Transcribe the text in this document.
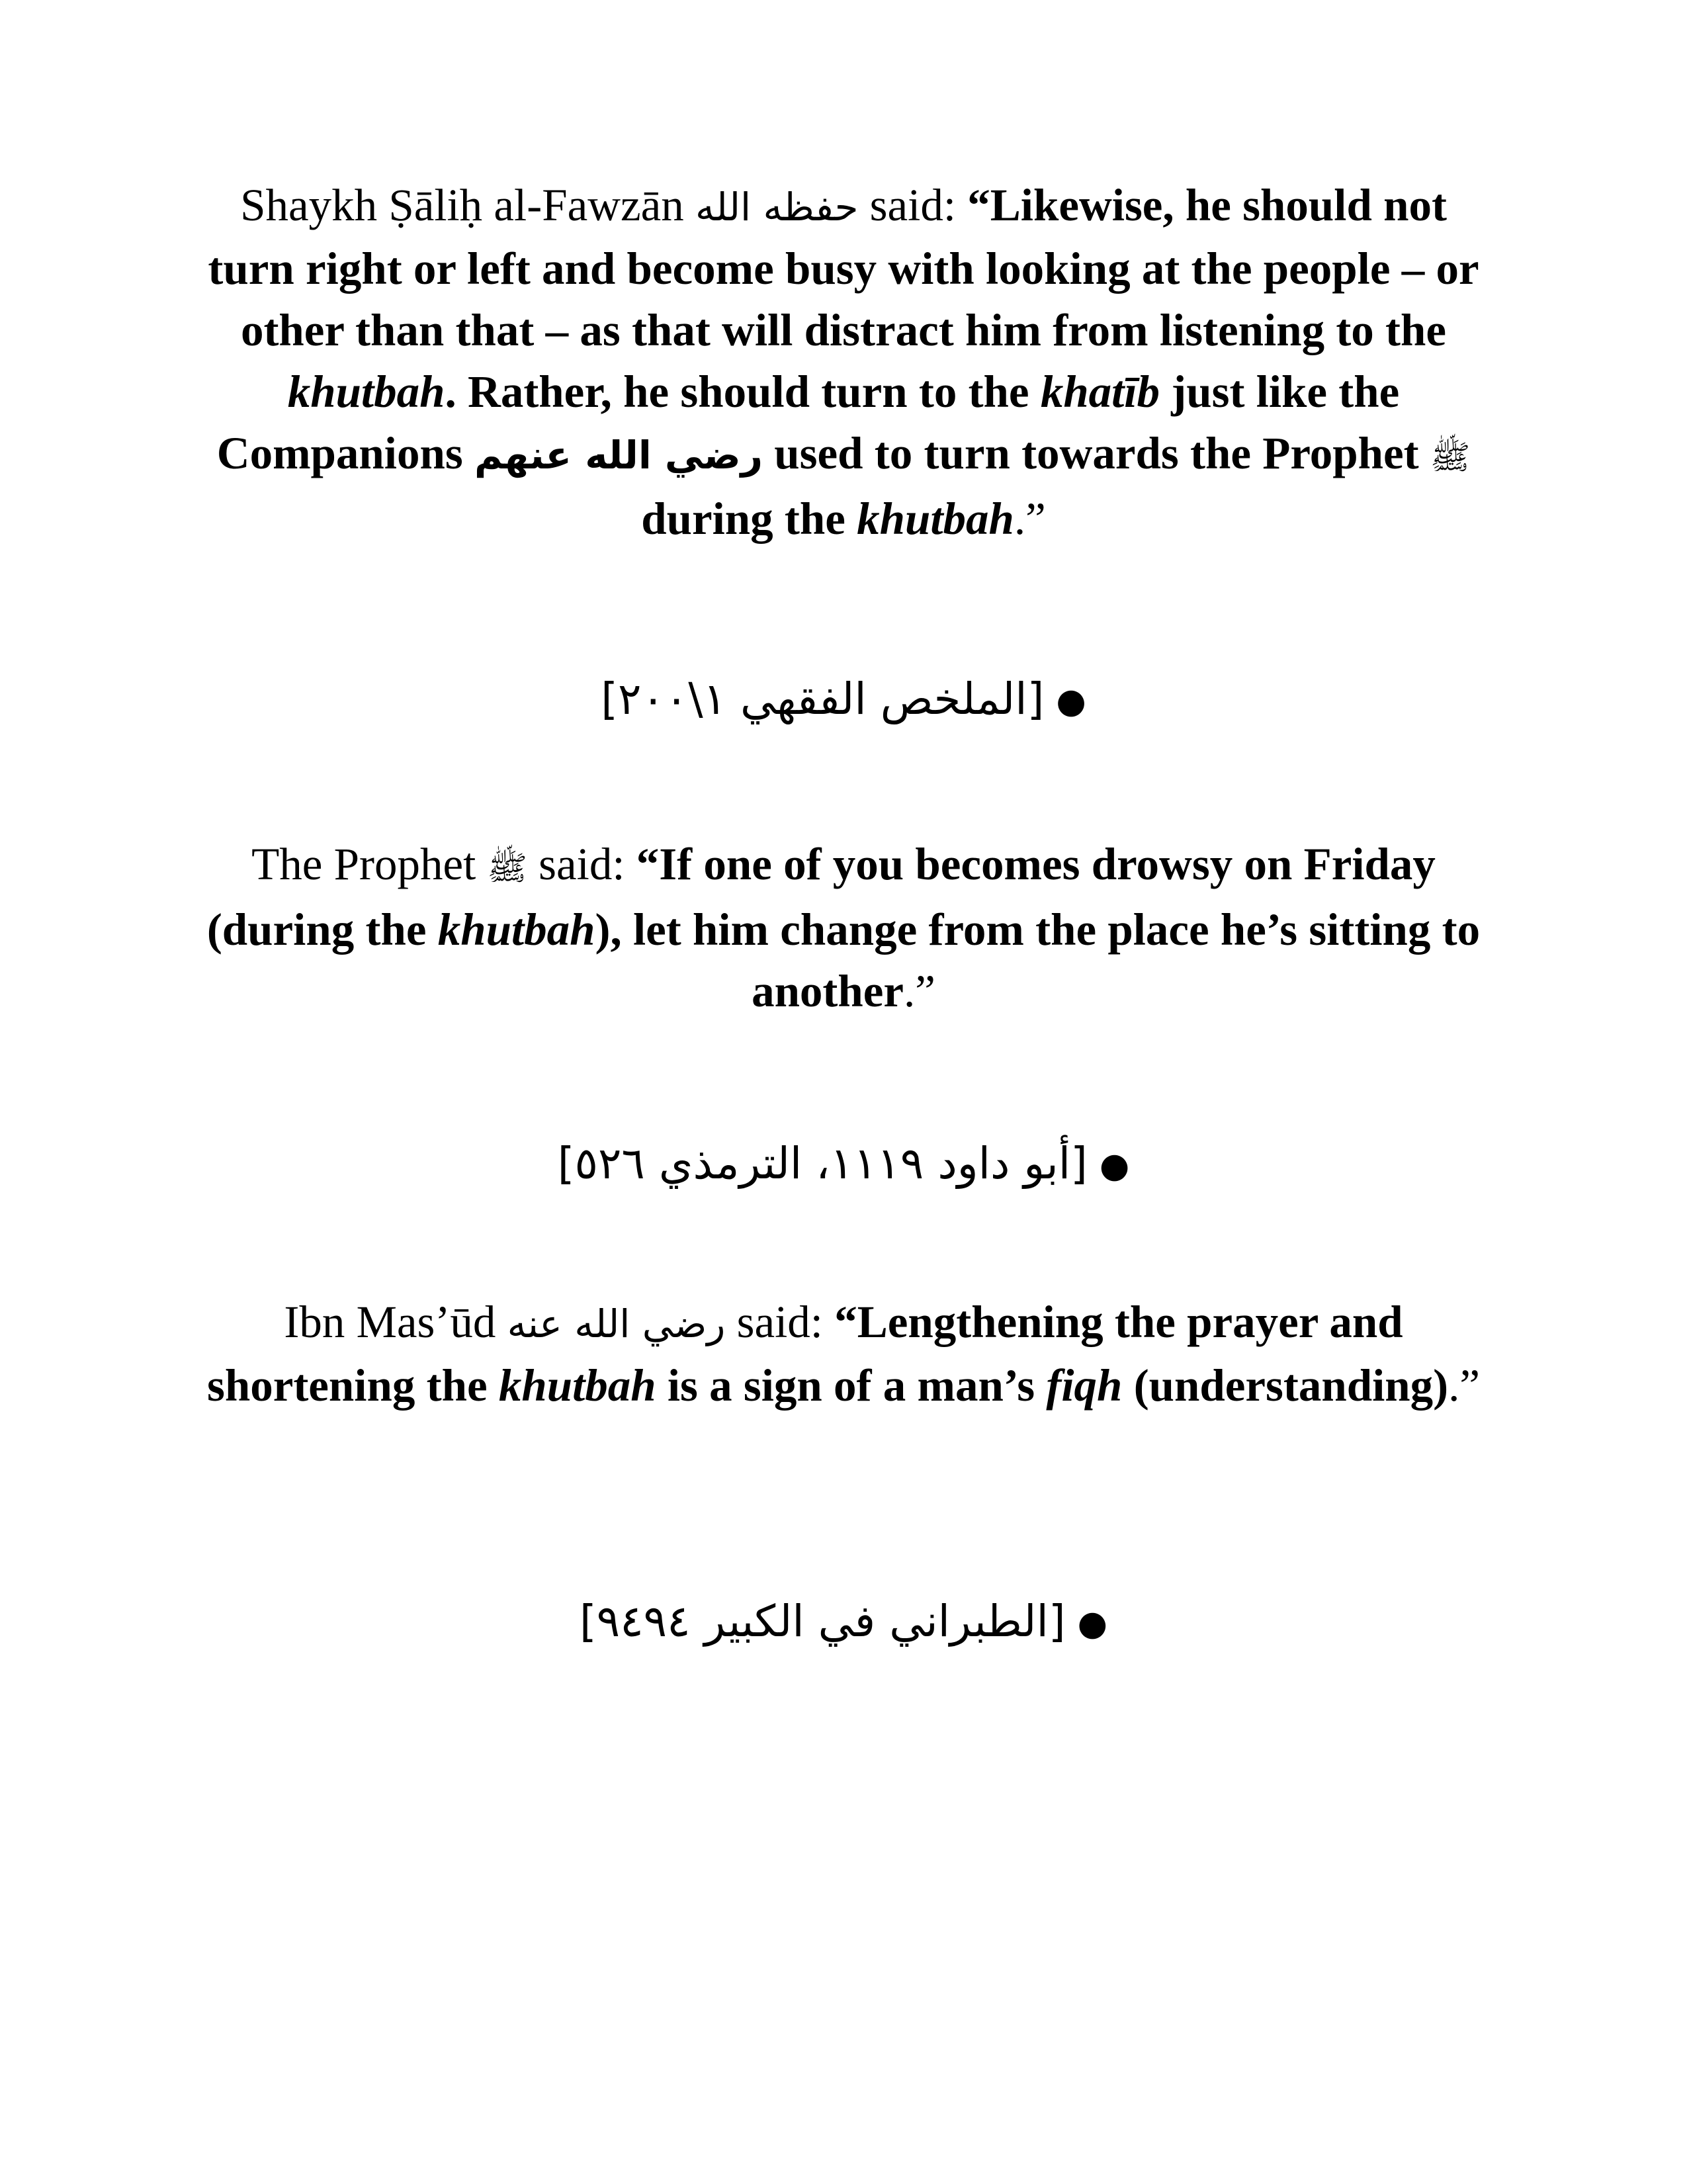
Shaykh Ṣāliḥ al-Fawzān حفظه الله said: “Likewise, he should not turn right or left and become busy with looking at the people – or other than that – as that will distract him from listening to the khutbah. Rather, he should turn to the khatīb just like the Companions رضي الله عنهم used to turn towards the Prophet ﷺ during the khutbah.”

[الملخص الفقهي ١\٢٠٠] ●

The Prophet ﷺ said: “If one of you becomes drowsy on Friday (during the khutbah), let him change from the place he’s sitting to another.”

[أبو داود ١١١٩، الترمذي ٥٢٦] ●

Ibn Mas’ūd رضي الله عنه said: “Lengthening the prayer and shortening the khutbah is a sign of a man’s fiqh (understanding).”

[الطبراني في الكبير ٩٤٩٤] ●
